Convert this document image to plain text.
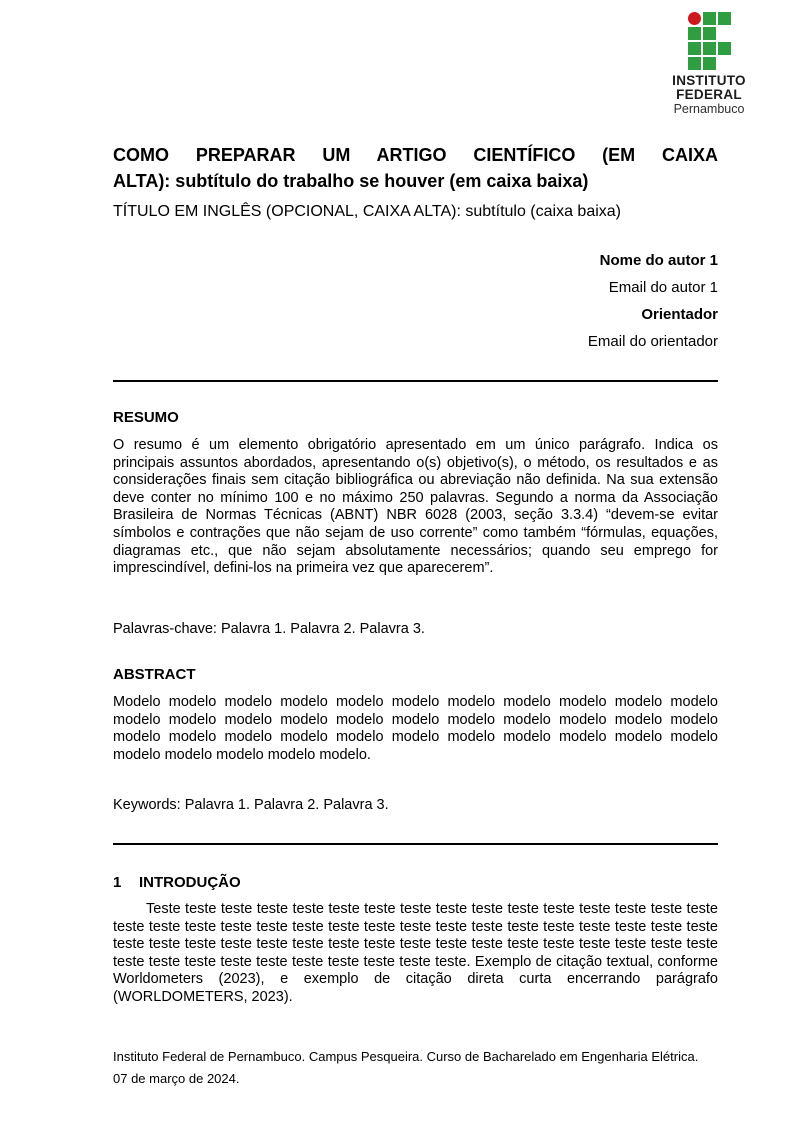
INSTITUTO
FEDERAL
Pernambuco
COMO PREPARAR UM ARTIGO CIENTÍFICO (EM CAIXA
ALTA): subtítulo do trabalho se houver (em caixa baixa)
TÍTULO EM INGLÊS (OPCIONAL, CAIXA ALTA): subtítulo (caixa baixa)
Nome do autor 1
Email do autor 1
Orientador
Email do orientador
RESUMO
O resumo é um elemento obrigatório apresentado em um único parágrafo. Indica os principais assuntos abordados, apresentando o(s) objetivo(s), o método, os resultados e as considerações finais sem citação bibliográfica ou abreviação não definida. Na sua extensão deve conter no mínimo 100 e no máximo 250 palavras. Segundo a norma da Associação Brasileira de Normas Técnicas (ABNT) NBR 6028 (2003, seção 3.3.4) “devem-se evitar símbolos e contrações que não sejam de uso corrente” como também “fórmulas, equações, diagramas etc., que não sejam absolutamente necessários; quando seu emprego for imprescindível, defini-los na primeira vez que aparecerem”.
Palavras-chave: Palavra 1. Palavra 2. Palavra 3.
ABSTRACT
Modelo modelo modelo modelo modelo modelo modelo modelo modelo modelo modelo modelo modelo modelo modelo modelo modelo modelo modelo modelo modelo modelo modelo modelo modelo modelo modelo modelo modelo modelo modelo modelo modelo modelo modelo modelo modelo modelo.
Keywords: Palavra 1. Palavra 2. Palavra 3.
1 INTRODUÇÃO
Teste teste teste teste teste teste teste teste teste teste teste teste teste teste teste teste teste teste teste teste teste teste teste teste teste teste teste teste teste teste teste teste teste teste teste teste teste teste teste teste teste teste teste teste teste teste teste teste teste teste teste teste teste teste teste teste teste teste teste teste. Exemplo de citação textual, conforme Worldometers (2023), e exemplo de citação direta curta encerrando parágrafo (WORLDOMETERS, 2023).
Instituto Federal de Pernambuco. Campus Pesqueira. Curso de Bacharelado em Engenharia Elétrica.
07 de março de 2024.
